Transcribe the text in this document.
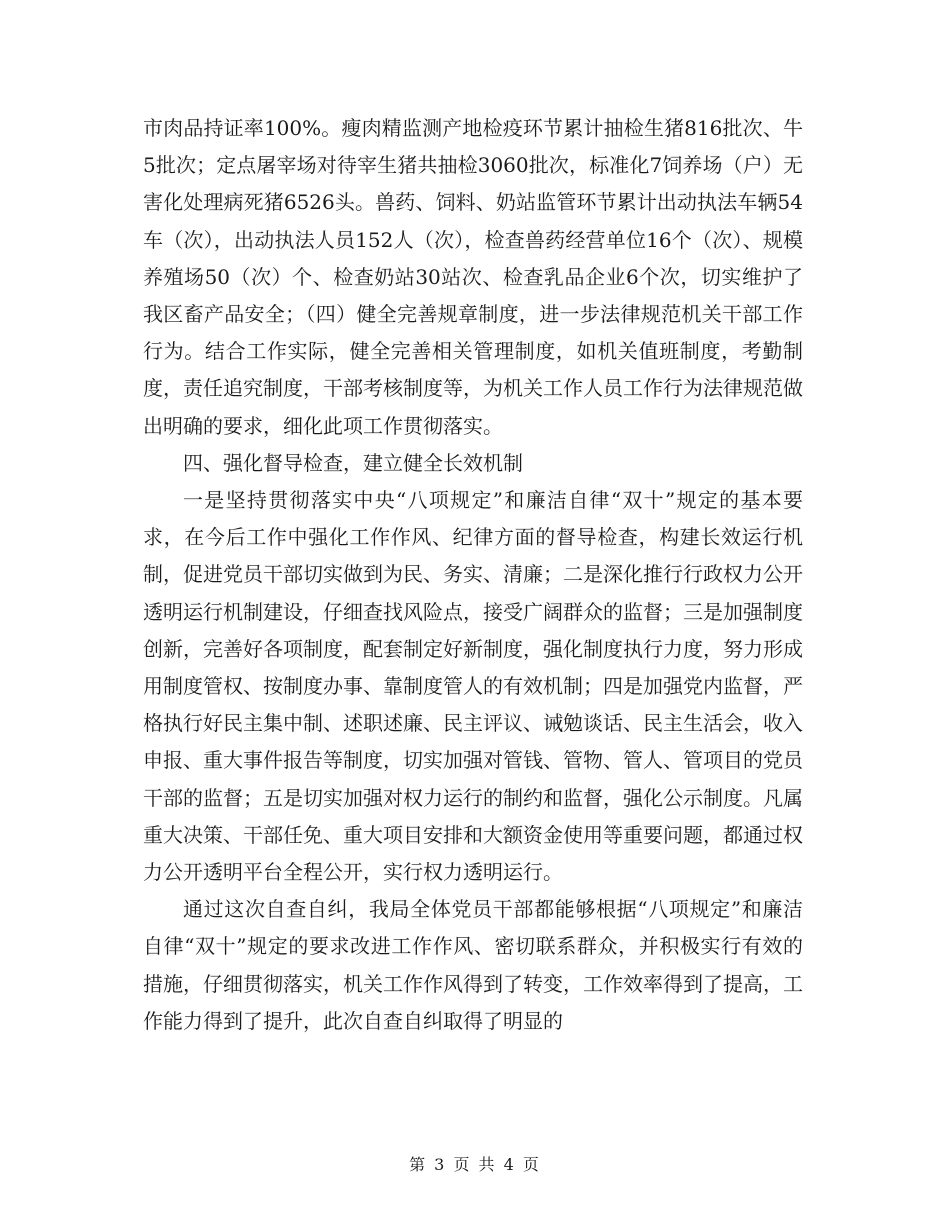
市肉品持证率100%。瘦肉精监测产地检疫环节累计抽检生猪816批次、牛5批次；定点屠宰场对待宰生猪共抽检3060批次，标准化7饲养场（户）无害化处理病死猪6526头。兽药、饲料、奶站监管环节累计出动执法车辆54车（次），出动执法人员152人（次），检查兽药经营单位16个（次）、规模养殖场50（次）个、检查奶站30站次、检查乳品企业6个次，切实维护了我区畜产品安全；（四）健全完善规章制度，进一步法律规范机关干部工作行为。结合工作实际，健全完善相关管理制度，如机关值班制度，考勤制度，责任追究制度，干部考核制度等，为机关工作人员工作行为法律规范做出明确的要求，细化此项工作贯彻落实。

四、强化督导检查，建立健全长效机制

一是坚持贯彻落实中央“八项规定”和廉洁自律“双十”规定的基本要求，在今后工作中强化工作作风、纪律方面的督导检查，构建长效运行机制，促进党员干部切实做到为民、务实、清廉；二是深化推行行政权力公开透明运行机制建设，仔细查找风险点，接受广阔群众的监督；三是加强制度创新，完善好各项制度，配套制定好新制度，强化制度执行力度，努力形成用制度管权、按制度办事、靠制度管人的有效机制；四是加强党内监督，严格执行好民主集中制、述职述廉、民主评议、诫勉谈话、民主生活会，收入申报、重大事件报告等制度，切实加强对管钱、管物、管人、管项目的党员干部的监督；五是切实加强对权力运行的制约和监督，强化公示制度。凡属重大决策、干部任免、重大项目安排和大额资金使用等重要问题，都通过权力公开透明平台全程公开，实行权力透明运行。

通过这次自查自纠，我局全体党员干部都能够根据“八项规定”和廉洁自律“双十”规定的要求改进工作作风、密切联系群众，并积极实行有效的措施，仔细贯彻落实，机关工作作风得到了转变，工作效率得到了提高，工作能力得到了提升，此次自查自纠取得了明显的

第 3 页 共 4 页
